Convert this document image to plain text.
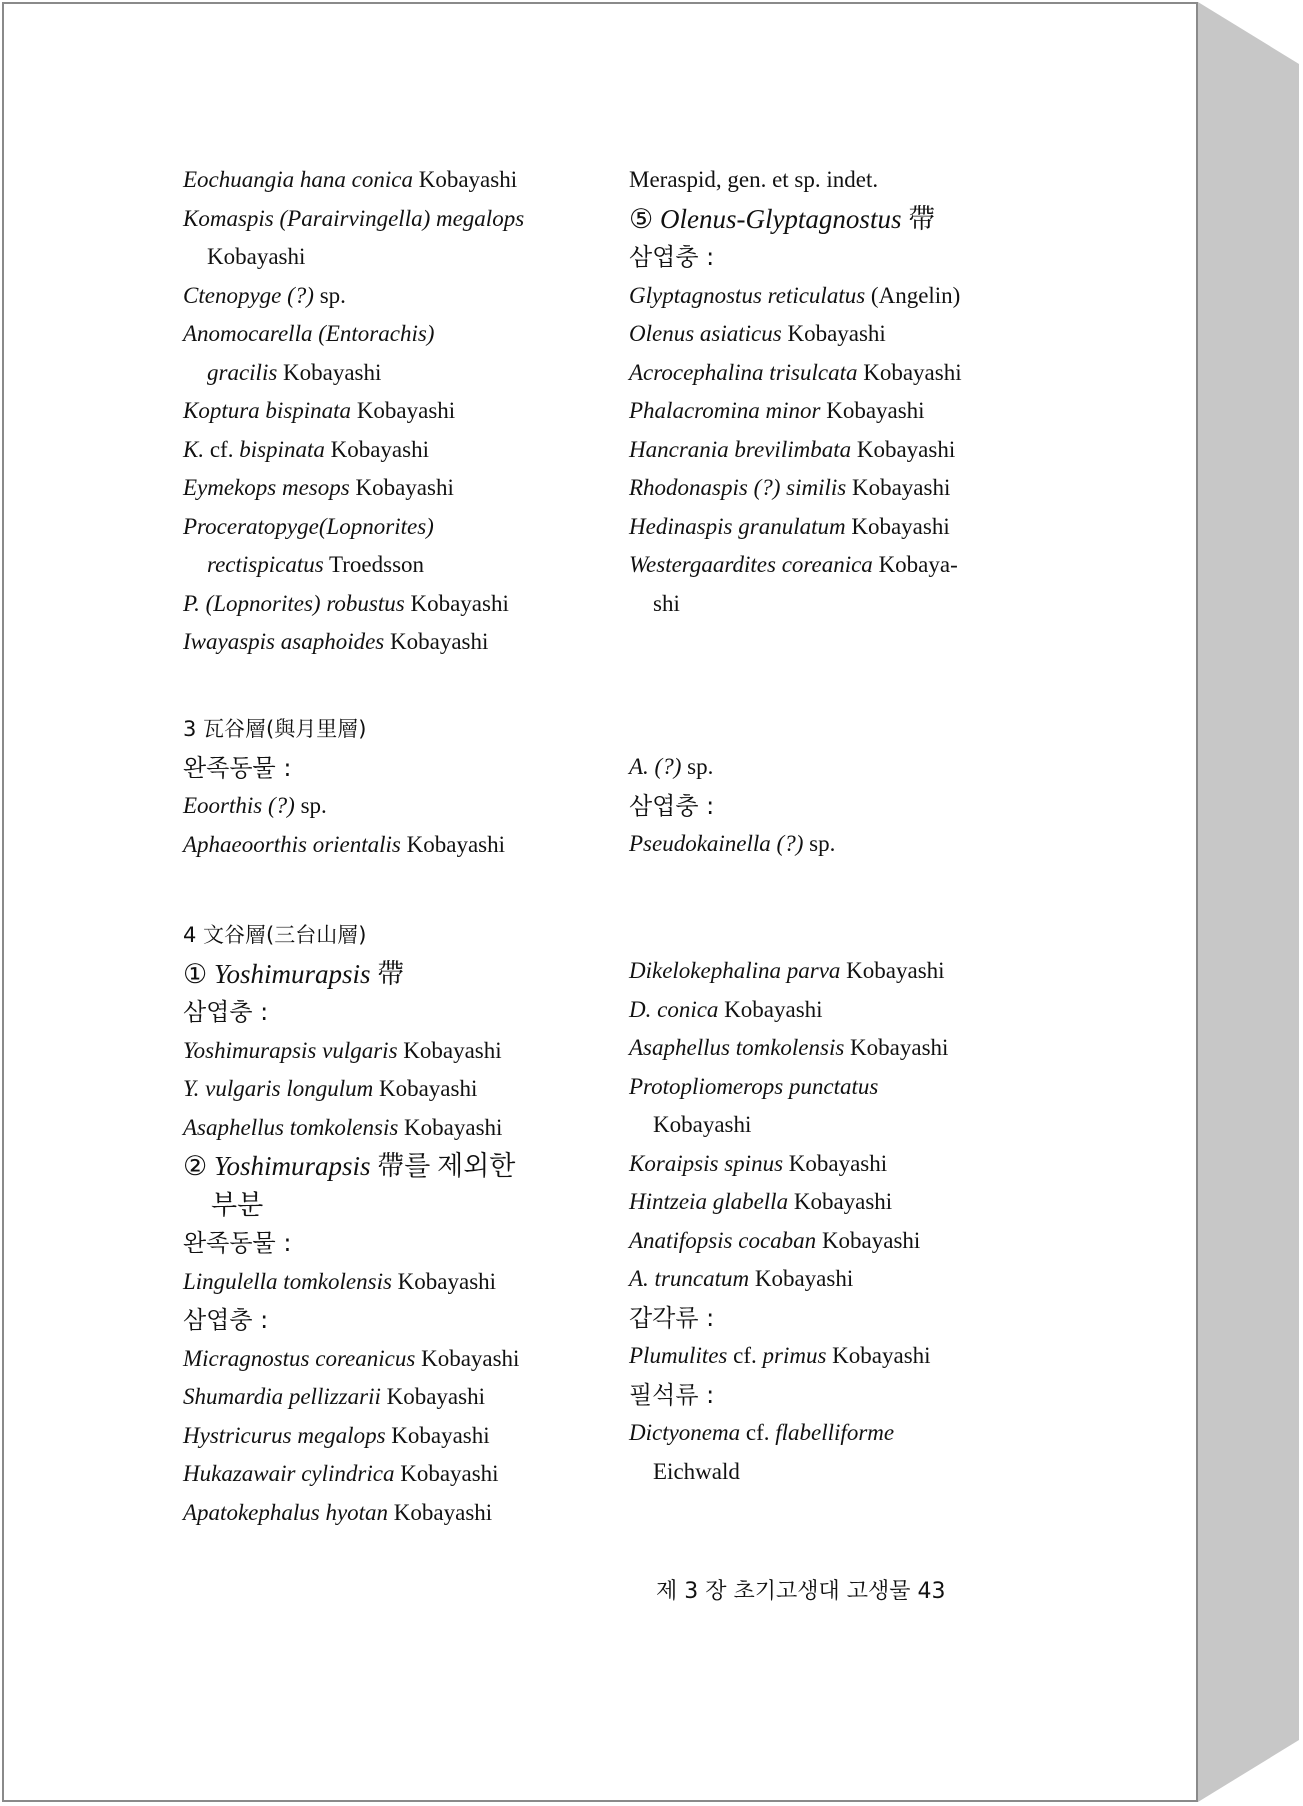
Eochuangia hana conica Kobayashi
Komaspis (Parairvingella) megalops
Kobayashi
Ctenopyge (?) sp.
Anomocarella (Entorachis)
gracilis Kobayashi
Koptura bispinata Kobayashi
K. cf. bispinata Kobayashi
Eymekops mesops Kobayashi
Proceratopyge(Lopnorites)
rectispicatus Troedsson
P. (Lopnorites) robustus Kobayashi
Iwayaspis asaphoides Kobayashi
Meraspid, gen. et sp. indet.
⑤ Olenus-Glyptagnostus 帶
삼엽충 :
Glyptagnostus reticulatus (Angelin)
Olenus asiaticus Kobayashi
Acrocephalina trisulcata Kobayashi
Phalacromina minor Kobayashi
Hancrania brevilimbata Kobayashi
Rhodonaspis (?) similis Kobayashi
Hedinaspis granulatum Kobayashi
Westergaardites coreanica Kobaya-
shi
3 瓦谷層(與月里層)
완족동물 :
Eoorthis (?) sp.
Aphaeoorthis orientalis Kobayashi
A. (?) sp.
삼엽충 :
Pseudokainella (?) sp.
4 文谷層(三台山層)
① Yoshimurapsis 帶
삼엽충 :
Yoshimurapsis vulgaris Kobayashi
Y. vulgaris longulum Kobayashi
Asaphellus tomkolensis Kobayashi
② Yoshimurapsis 帶를 제외한
부분
완족동물 :
Lingulella tomkolensis Kobayashi
삼엽충 :
Micragnostus coreanicus Kobayashi
Shumardia pellizzarii Kobayashi
Hystricurus megalops Kobayashi
Hukazawair cylindrica Kobayashi
Apatokephalus hyotan Kobayashi
Dikelokephalina parva Kobayashi
D. conica Kobayashi
Asaphellus tomkolensis Kobayashi
Protopliomerops punctatus
Kobayashi
Koraipsis spinus Kobayashi
Hintzeia glabella Kobayashi
Anatifopsis cocaban Kobayashi
A. truncatum Kobayashi
갑각류 :
Plumulites cf. primus Kobayashi
필석류 :
Dictyonema cf. flabelliforme
Eichwald
제 3 장 초기고생대 고생물 43
